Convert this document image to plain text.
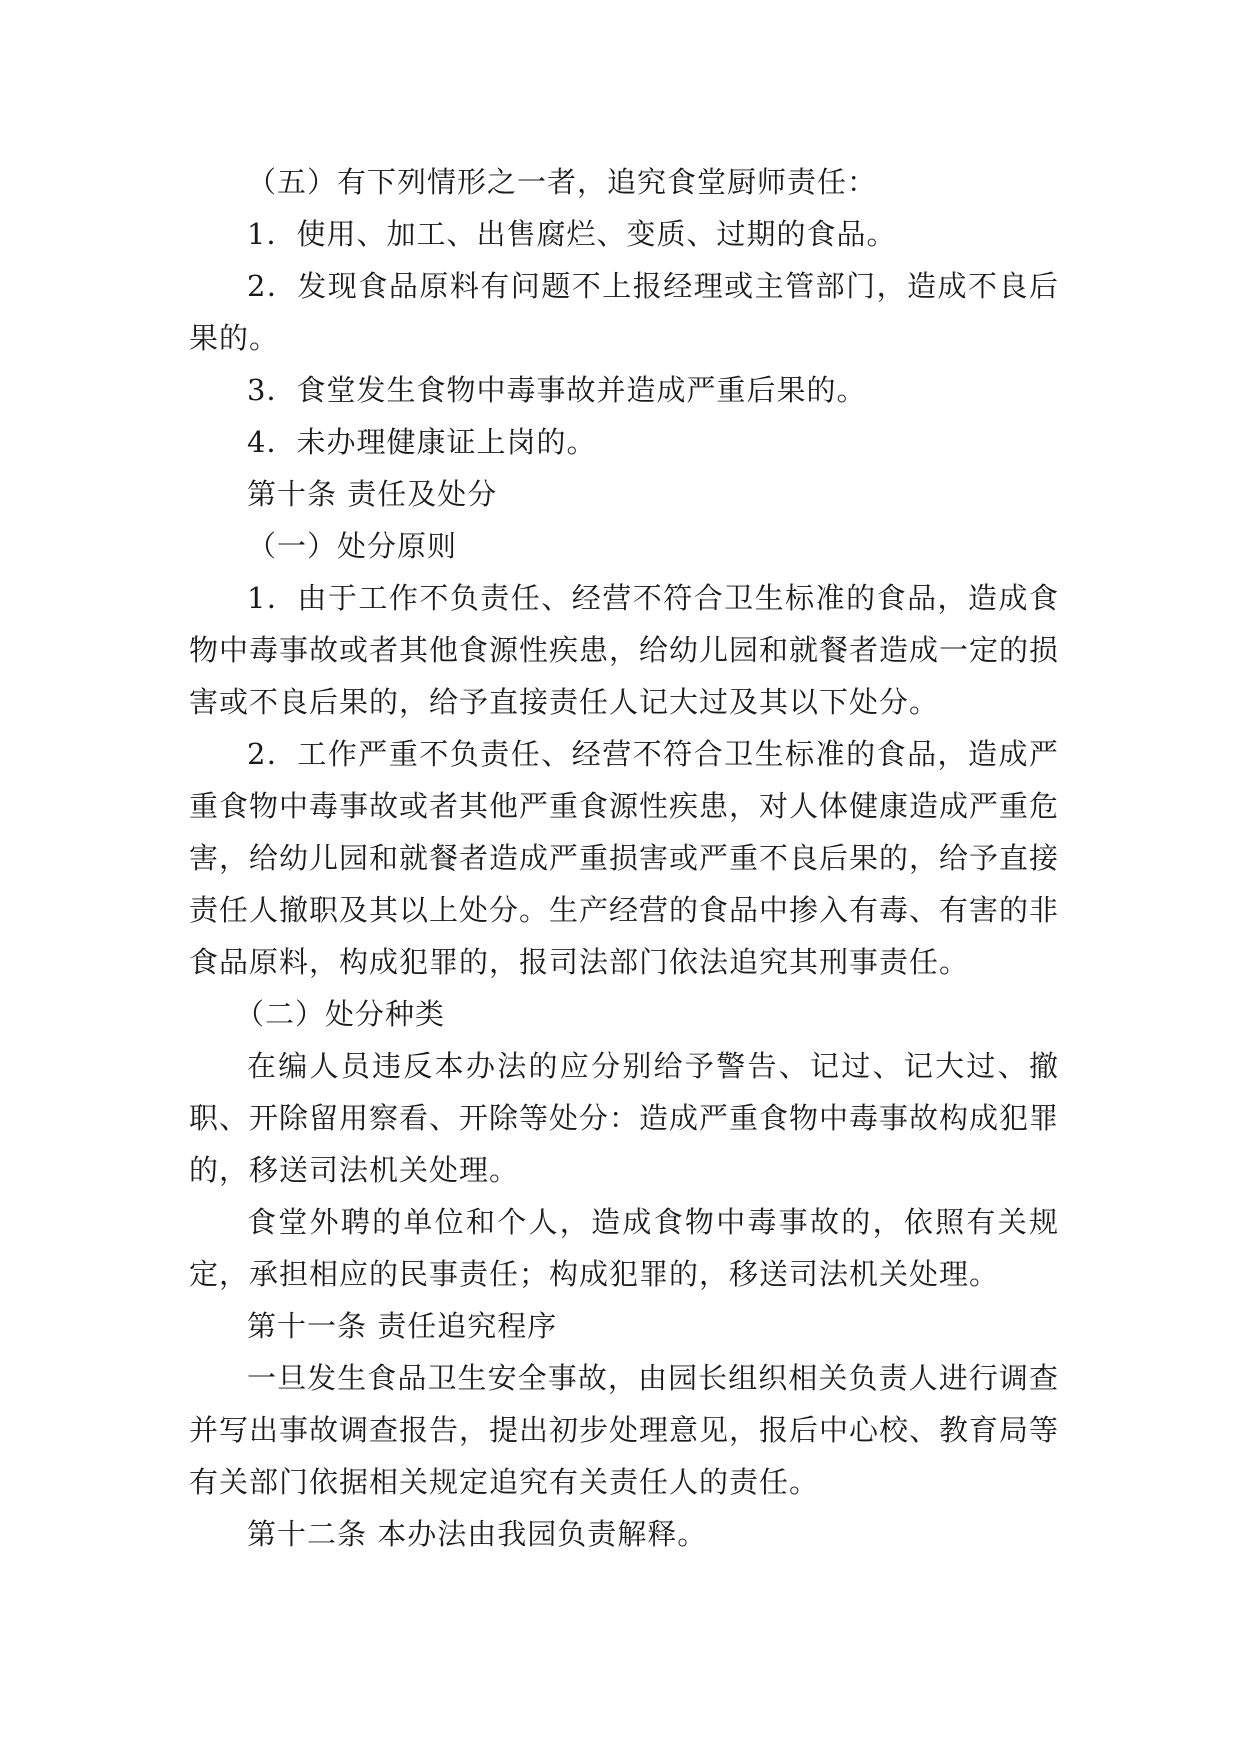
（五）有下列情形之一者，追究食堂厨师责任：

1．使用、加工、出售腐烂、变质、过期的食品。

2．发现食品原料有问题不上报经理或主管部门，造成不良后果的。

3．食堂发生食物中毒事故并造成严重后果的。

4．未办理健康证上岗的。

第十条 责任及处分

（一）处分原则

1．由于工作不负责任、经营不符合卫生标准的食品，造成食物中毒事故或者其他食源性疾患，给幼儿园和就餐者造成一定的损害或不良后果的，给予直接责任人记大过及其以下处分。

2．工作严重不负责任、经营不符合卫生标准的食品，造成严重食物中毒事故或者其他严重食源性疾患，对人体健康造成严重危害，给幼儿园和就餐者造成严重损害或严重不良后果的，给予直接责任人撤职及其以上处分。生产经营的食品中掺入有毒、有害的非食品原料，构成犯罪的，报司法部门依法追究其刑事责任。

（二）处分种类

在编人员违反本办法的应分别给予警告、记过、记大过、撤职、开除留用察看、开除等处分：造成严重食物中毒事故构成犯罪的，移送司法机关处理。

食堂外聘的单位和个人，造成食物中毒事故的，依照有关规定，承担相应的民事责任；构成犯罪的，移送司法机关处理。

第十一条 责任追究程序

一旦发生食品卫生安全事故，由园长组织相关负责人进行调查并写出事故调查报告，提出初步处理意见，报后中心校、教育局等有关部门依据相关规定追究有关责任人的责任。

第十二条 本办法由我园负责解释。
